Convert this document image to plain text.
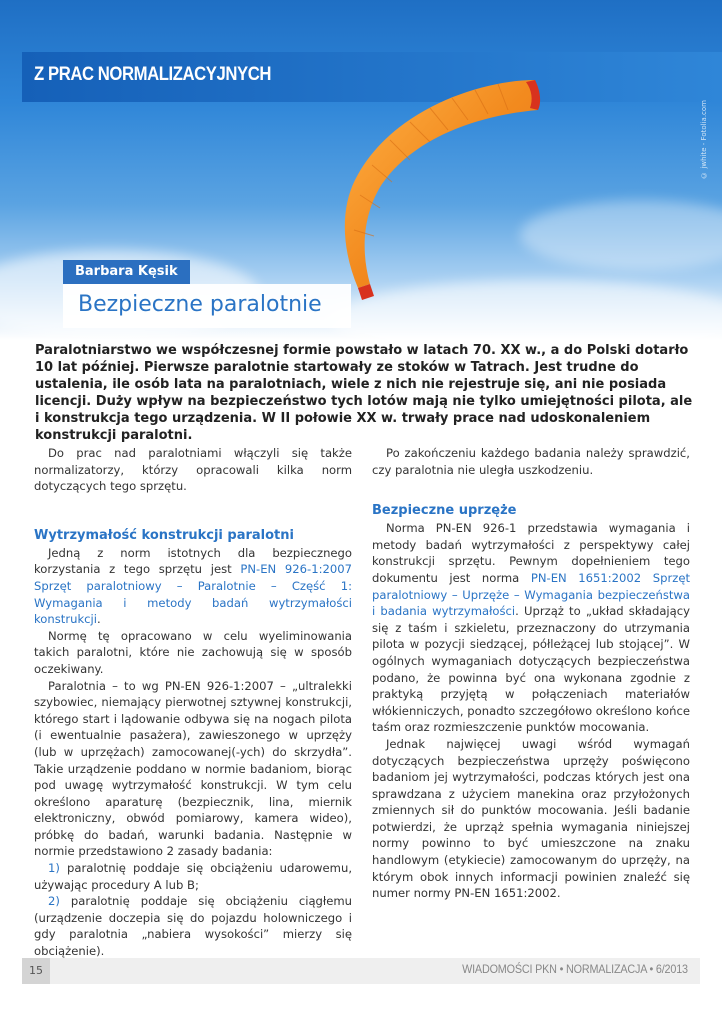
Z PRAC NORMALIZACYJNYCH
© jwhite - Fotolia.com
Barbara Kęsik
Bezpieczne paralotnie
Paralotniarstwo we współczesnej formie powstało w latach 70. XX w., a do Polski dotarło 10 lat później. Pierwsze paralotnie startowały ze stoków w Tatrach. Jest trudne do ustalenia, ile osób lata na paralotniach, wiele z nich nie rejestruje się, ani nie posiada licencji. Duży wpływ na bezpieczeństwo tych lotów mają nie tylko umiejętności pilota, ale i konstrukcja tego urządzenia. W II połowie XX w. trwały prace nad udoskonaleniem konstrukcji paralotni.

Do prac nad paralotniami włączyli się także normalizatorzy, którzy opracowali kilka norm dotyczących tego sprzętu.

Wytrzymałość konstrukcji paralotni

Jedną z norm istotnych dla bezpiecznego korzystania z tego sprzętu jest PN-EN 926-1:2007 Sprzęt paralotniowy – Paralotnie – Część 1: Wymagania i metody badań wytrzymałości konstrukcji.

Normę tę opracowano w celu wyeliminowania takich paralotni, które nie zachowują się w sposób oczekiwany.

Paralotnia – to wg PN-EN 926-1:2007 – „ultralekki szybowiec, niemający pierwotnej sztywnej konstrukcji, którego start i lądowanie odbywa się na nogach pilota (i ewentualnie pasażera), zawieszonego w uprzęży (lub w uprzężach) zamocowanej(-ych) do skrzydła”. Takie urządzenie poddano w normie badaniom, biorąc pod uwagę wytrzymałość konstrukcji. W tym celu określono aparaturę (bezpiecznik, lina, miernik elektroniczny, obwód pomiarowy, kamera wideo), próbkę do badań, warunki badania. Następnie w normie przedstawiono 2 zasady badania:

1) paralotnię poddaje się obciążeniu udarowemu, używając procedury A lub B;

2) paralotnię poddaje się obciążeniu ciągłemu (urządzenie doczepia się do pojazdu holowniczego i gdy paralotnia „nabiera wysokości” mierzy się obciążenie).

Po zakończeniu każdego badania należy sprawdzić, czy paralotnia nie uległa uszkodzeniu.

Bezpieczne uprzęże

Norma PN-EN 926-1 przedstawia wymagania i metody badań wytrzymałości z perspektywy całej konstrukcji sprzętu. Pewnym dopełnieniem tego dokumentu jest norma PN-EN 1651:2002 Sprzęt paralotniowy – Uprzęże – Wymagania bezpieczeństwa i badania wytrzymałości. Uprząż to „układ składający się z taśm i szkieletu, przeznaczony do utrzymania pilota w pozycji siedzącej, półleżącej lub stojącej”. W ogólnych wymaganiach dotyczących bezpieczeństwa podano, że powinna być ona wykonana zgodnie z praktyką przyjętą w połączeniach materiałów włókienniczych, ponadto szczegółowo określono końce taśm oraz rozmieszczenie punktów mocowania.

Jednak najwięcej uwagi wśród wymagań dotyczących bezpieczeństwa uprzęży poświęcono badaniom jej wytrzymałości, podczas których jest ona sprawdzana z użyciem manekina oraz przyłożonych zmiennych sił do punktów mocowania. Jeśli badanie potwierdzi, że uprząż spełnia wymagania niniejszej normy powinno to być umieszczone na znaku handlowym (etykiecie) zamocowanym do uprzęży, na którym obok innych informacji powinien znaleźć się numer normy PN-EN 1651:2002.

15	WIADOMOŚCI PKN • NORMALIZACJA • 6/2013
